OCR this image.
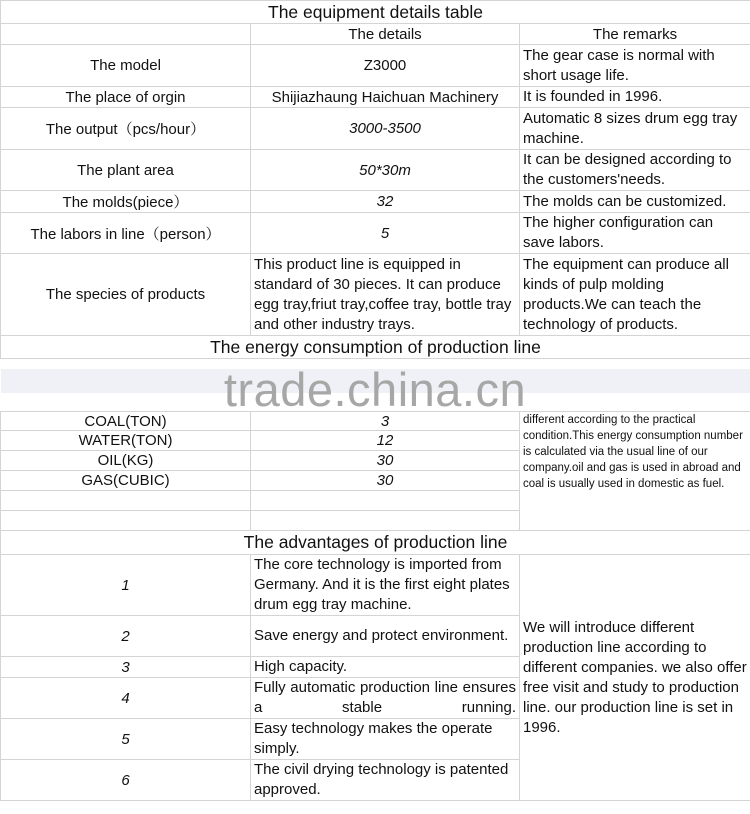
The equipment details table		
	The details	The remarks
The model	Z3000	The gear case is normal with short usage life.
The place of orgin	Shijiazhaung Haichuan Machinery	It is founded in 1996.
The output（pcs/hour）	3000-3500	Automatic 8 sizes drum egg tray machine.
The plant area	50*30m	It can be designed according to the customers'needs.
The molds(piece）	32	The molds can be customized.
The labors in line（person）	5	The higher configuration can save labors.
The species of products	This product line is equipped in standard of 30 pieces. It can produce egg tray,friut tray,coffee tray, bottle tray and other industry trays.	The equipment can produce all kinds of pulp molding products.We can teach the technology of products.
The energy consumption of production line		

COAL(TON)	3	different according to the practical condition.This energy consumption number is calculated via the usual line of our company.oil and gas is used in abroad and coal is usually used in domestic as fuel.
WATER(TON)	12	
OIL(KG)	30	
GAS(CUBIC)	30	

The advantages of production line		
1	The core technology is imported from Germany. And it is the first eight plates drum egg tray machine.	We will introduce different production line according to different companies. we also offer free visit and study to production line. our production line is set in 1996.
2	Save energy and protect environment.	
3	High capacity.	
4	Fully automatic production line ensures a stable running.	
5	Easy technology makes the operate simply.	
6	The civil drying technology is patented approved.	
trade.china.cn
